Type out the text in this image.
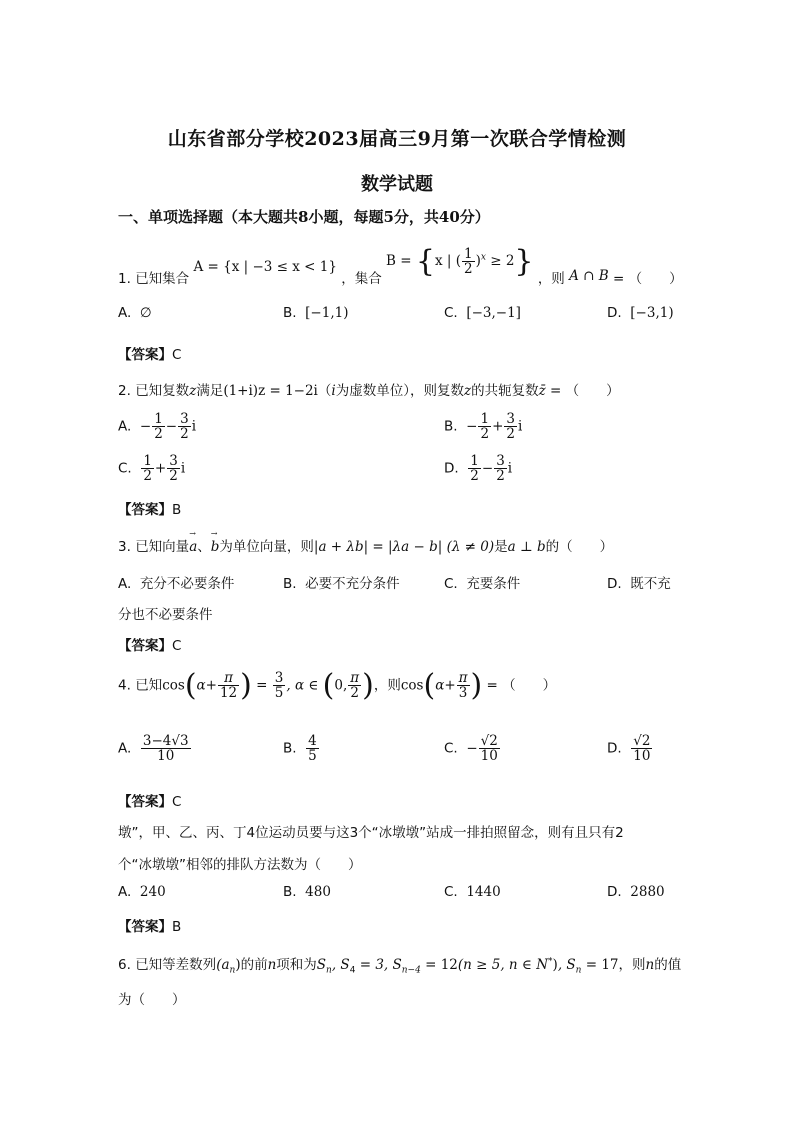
山东省部分学校2023届高三9月第一次联合学情检测
数学试题
一、单项选择题（本大题共8小题，每题5分，共40分）
1. 已知集合 A = {x | −3 ≤ x < 1} ，集合 B = {x | ( $\frac{1}{2} )^x \ge 2$} ，则 A ∩ B = （　　）
A. ∅	B. [−1,1)	C. [−3,−1]	D. [−3,1)
【答案】C
2. 已知复数z满足(1+i)z = 1−2i（i为虚数单位），则复数z的共轭复数z̄ = （　　）
A. − $\frac{1}{2} - \frac{3}{2}$ i	B. − $\frac{1}{2} + \frac{3}{2}$ i
C. $\frac{1}{2} + \frac{3}{2}$ i	D. $\frac{1}{2} - \frac{3}{2}$ i
【答案】B
3. 已知向量→ a、→ b为单位向量，则|a + λb| = |λa − b| (λ ≠ 0)是a ⊥ b的（　　）
A. 充分不必要条件	B. 必要不充分条件	C. 充要条件	D. 既不充
分也不必要条件
【答案】C
4. 已知$\cos(\alpha+ \frac{\pi}{12}$ ) = $\frac{3}{5}$ , α ∈ (0, $\frac{\pi}{2}$ )，则$\cos(\alpha+ \frac{\pi}{3}$ ) = （　　）
A. $\frac{3-4√3}{10}$	B. $\frac{4}{5}$	C. − $\frac{√2}{10}$	D. $\frac{√2}{10}$
【答案】C
墩”，甲、乙、丙、丁4位运动员要与这3个“冰墩墩”站成一排拍照留念，则有且只有2
个“冰墩墩”相邻的排队方法数为（　　）
A. 240	B. 480	C. 1440	D. 2880
【答案】B
6. 已知等差数列$(a_n)$的前n项和为$S_n$, $S_4 = 3$, $S_{n-4} = 12(n \ge 5$, n ∈ N*), $S_n = 17$，则n的值
为（　　）
